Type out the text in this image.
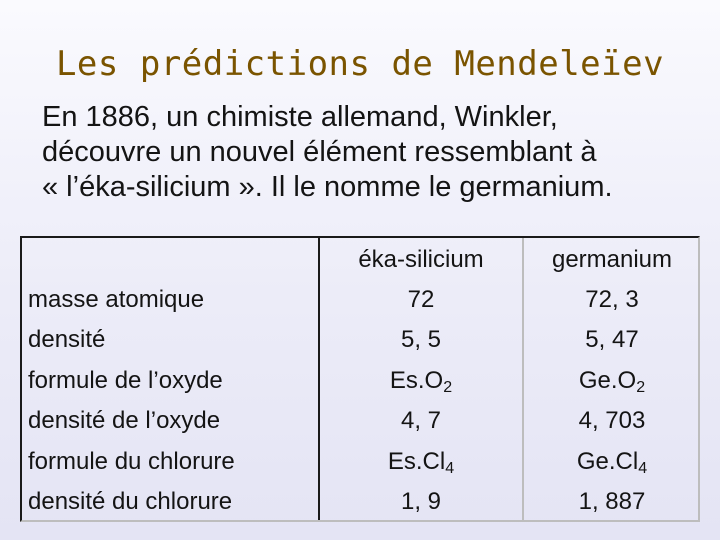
Les prédictions de Mendeleïev
En 1886, un chimiste allemand, Winkler,
découvre un nouvel élément ressemblant à
« l’éka-silicium ». Il le nomme le germanium.
masse atomique
densité
formule de l’oxyde
densité de l’oxyde
formule du chlorure
densité du chlorure
éka-silicium
72
5, 5
$Es.O_2$
4, 7
$Es.Cl_4$
1, 9
germanium
72, 3
5, 47
$Ge.O_2$
4, 703
$Ge.Cl_4$
1, 887
